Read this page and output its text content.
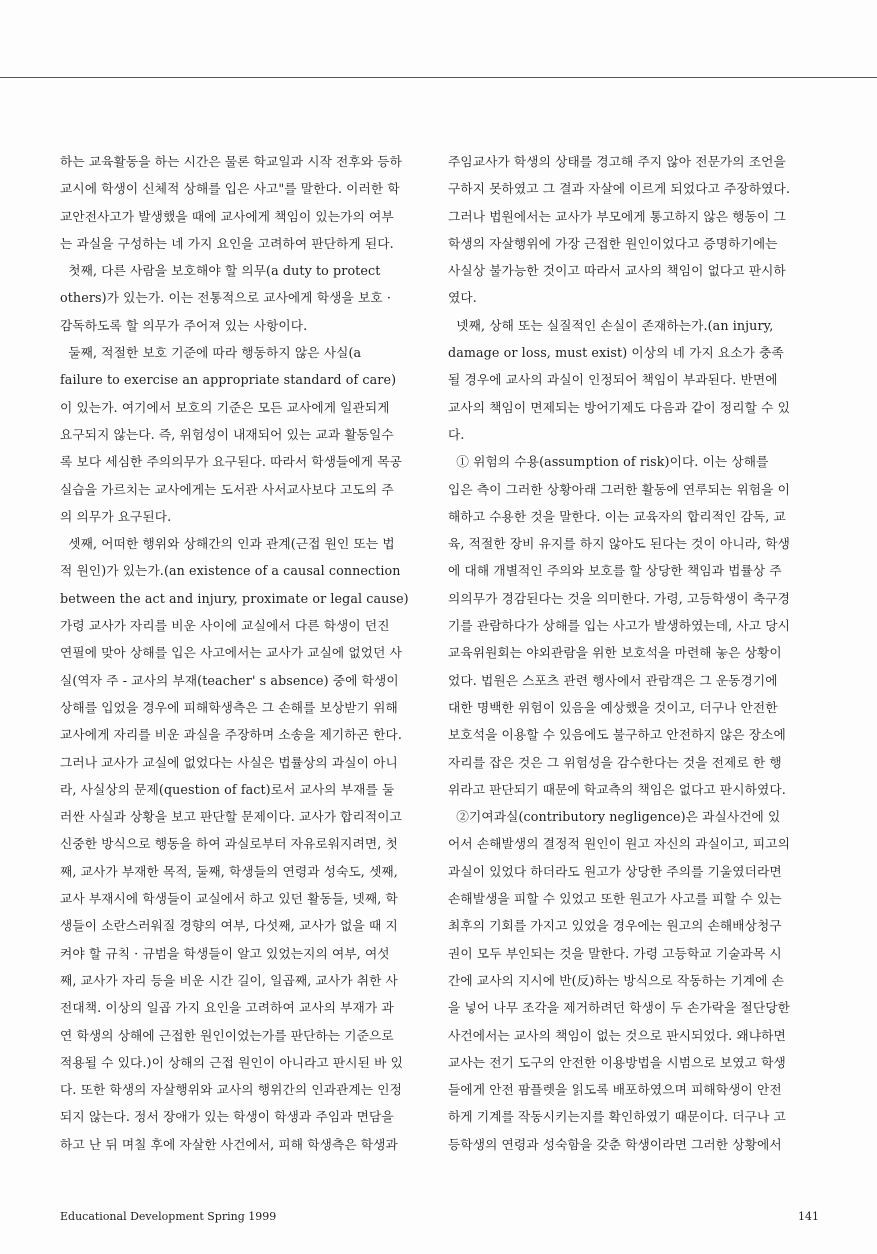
하는 교육활동을 하는 시간은 물론 학교일과 시작 전후와 등하

교시에 학생이 신체적 상해를 입은 사고"를 말한다. 이러한 학

교안전사고가 발생했을 때에 교사에게 책임이 있는가의 여부

는 과실을 구성하는 네 가지 요인을 고려하여 판단하게 된다.

첫째, 다른 사람을 보호해야 할 의무(a duty to protect

others)가 있는가. 이는 전통적으로 교사에게 학생을 보호 ·

감독하도록 할 의무가 주어져 있는 사항이다.

둘째, 적절한 보호 기준에 따라 행동하지 않은 사실(a

failure to exercise an appropriate standard of care)

이 있는가. 여기에서 보호의 기준은 모든 교사에게 일관되게

요구되지 않는다. 즉, 위험성이 내재되어 있는 교과 활동일수

록 보다 세심한 주의의무가 요구된다. 따라서 학생들에게 목공

실습을 가르치는 교사에게는 도서관 사서교사보다 고도의 주

의 의무가 요구된다.

셋째, 어떠한 행위와 상해간의 인과 관계(근접 원인 또는 법

적 원인)가 있는가.(an existence of a causal connection

between the act and injury, proximate or legal cause)

가령 교사가 자리를 비운 사이에 교실에서 다른 학생이 던진

연필에 맞아 상해를 입은 사고에서는 교사가 교실에 없었던 사

실(역자 주 - 교사의 부재(teacher' s absence) 중에 학생이

상해를 입었을 경우에 피해학생측은 그 손해를 보상받기 위해

교사에게 자리를 비운 과실을 주장하며 소송을 제기하곤 한다.

그러나 교사가 교실에 없었다는 사실은 법률상의 과실이 아니

라, 사실상의 문제(question of fact)로서 교사의 부재를 둘

러싼 사실과 상황을 보고 판단할 문제이다. 교사가 합리적이고

신중한 방식으로 행동을 하여 과실로부터 자유로워지려면, 첫

째, 교사가 부재한 목적, 둘째, 학생들의 연령과 성숙도, 셋째,

교사 부재시에 학생들이 교실에서 하고 있던 활동들, 넷째, 학

생들이 소란스러워질 경향의 여부, 다섯째, 교사가 없을 때 지

켜야 할 규칙 · 규범을 학생들이 알고 있었는지의 여부, 여섯

째, 교사가 자리 등을 비운 시간 길이, 일곱째, 교사가 취한 사

전대책. 이상의 일곱 가지 요인을 고려하여 교사의 부재가 과

연 학생의 상해에 근접한 원인이었는가를 판단하는 기준으로

적용될 수 있다.)이 상해의 근접 원인이 아니라고 판시된 바 있

다. 또한 학생의 자살행위와 교사의 행위간의 인과관계는 인정

되지 않는다. 정서 장애가 있는 학생이 학생과 주임과 면담을

하고 난 뒤 며칠 후에 자살한 사건에서, 피해 학생측은 학생과

주임교사가 학생의 상태를 경고해 주지 않아 전문가의 조언을

구하지 못하였고 그 결과 자살에 이르게 되었다고 주장하였다.

그러나 법원에서는 교사가 부모에게 통고하지 않은 행동이 그

학생의 자살행위에 가장 근접한 원인이었다고 증명하기에는

사실상 불가능한 것이고 따라서 교사의 책임이 없다고 판시하

였다.

넷째, 상해 또는 실질적인 손실이 존재하는가.(an injury,

damage or loss, must exist) 이상의 네 가지 요소가 충족

될 경우에 교사의 과실이 인정되어 책임이 부과된다. 반면에

교사의 책임이 면제되는 방어기제도 다음과 같이 정리할 수 있

다.

① 위험의 수용(assumption of risk)이다. 이는 상해를

입은 측이 그러한 상황아래 그러한 활동에 연루되는 위험을 이

해하고 수용한 것을 말한다. 이는 교육자의 합리적인 감독, 교

육, 적절한 장비 유지를 하지 않아도 된다는 것이 아니라, 학생

에 대해 개별적인 주의와 보호를 할 상당한 책임과 법률상 주

의의무가 경감된다는 것을 의미한다. 가령, 고등학생이 축구경

기를 관람하다가 상해를 입는 사고가 발생하였는데, 사고 당시

교육위원회는 야외관람을 위한 보호석을 마련해 놓은 상황이

었다. 법원은 스포츠 관련 행사에서 관람객은 그 운동경기에

대한 명백한 위험이 있음을 예상했을 것이고, 더구나 안전한

보호석을 이용할 수 있음에도 불구하고 안전하지 않은 장소에

자리를 잡은 것은 그 위험성을 감수한다는 것을 전제로 한 행

위라고 판단되기 때문에 학교측의 책임은 없다고 판시하였다.

②기여과실(contributory negligence)은 과실사건에 있

어서 손해발생의 결정적 원인이 원고 자신의 과실이고, 피고의

과실이 있었다 하더라도 원고가 상당한 주의를 기울였더라면

손해발생을 피할 수 있었고 또한 원고가 사고를 피할 수 있는

최후의 기회를 가지고 있었을 경우에는 원고의 손해배상청구

권이 모두 부인되는 것을 말한다. 가령 고등학교 기술과목 시

간에 교사의 지시에 반(反)하는 방식으로 작동하는 기계에 손

을 넣어 나무 조각을 제거하려던 학생이 두 손가락을 절단당한

사건에서는 교사의 책임이 없는 것으로 판시되었다. 왜냐하면

교사는 전기 도구의 안전한 이용방법을 시범으로 보였고 학생

들에게 안전 팜플렛을 읽도록 배포하였으며 피해학생이 안전

하게 기계를 작동시키는지를 확인하였기 때문이다. 더구나 고

등학생의 연령과 성숙함을 갖춘 학생이라면 그러한 상황에서

Educational Development Spring 1999	141
